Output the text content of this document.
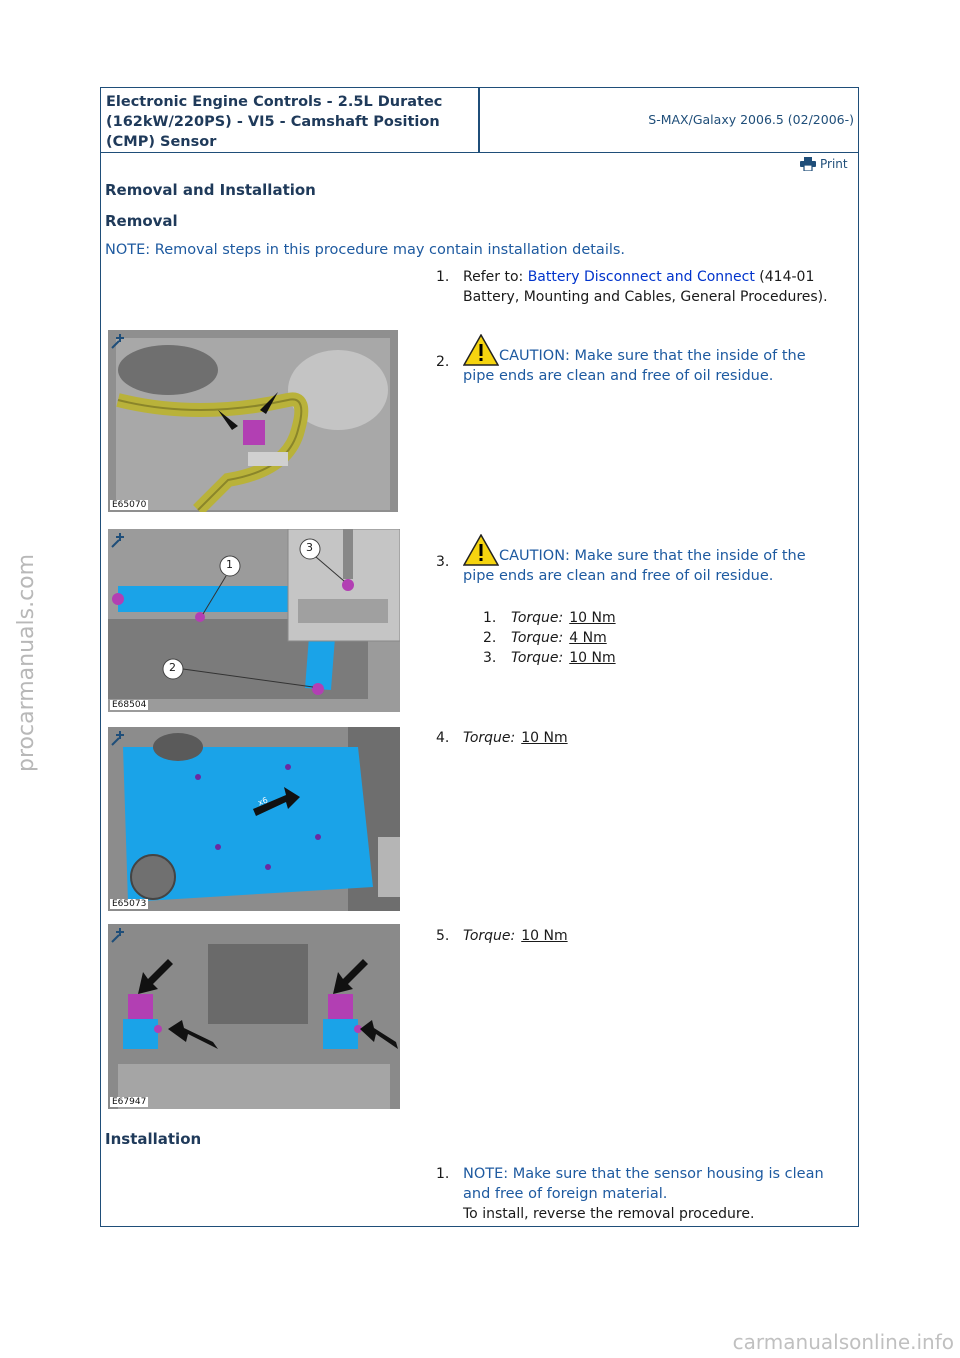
Electronic Engine Controls - 2.5L Duratec (162kW/220PS) - VI5 - Camshaft Position (CMP) Sensor
S-MAX/Galaxy 2006.5 (02/2006-)
Print
Removal and Installation
Removal
NOTE: Removal steps in this procedure may contain installation details.
1. Refer to: Battery Disconnect and Connect (414-01 Battery, Mounting and Cables, General Procedures).
E65070
2.	CAUTION: Make sure that the inside of the pipe ends are clean and free of oil residue.
1
2
3
E68504
3.	CAUTION: Make sure that the inside of the pipe ends are clean and free of oil residue.
1. Torque: 10 Nm
2. Torque: 4 Nm
3. Torque: 10 Nm
x6
E65073
4. Torque: 10 Nm
E67947
5. Torque: 10 Nm
Installation
1. NOTE: Make sure that the sensor housing is clean and free of foreign material.
To install, reverse the removal procedure.
procarmanuals.com
carmanualsonline.info
